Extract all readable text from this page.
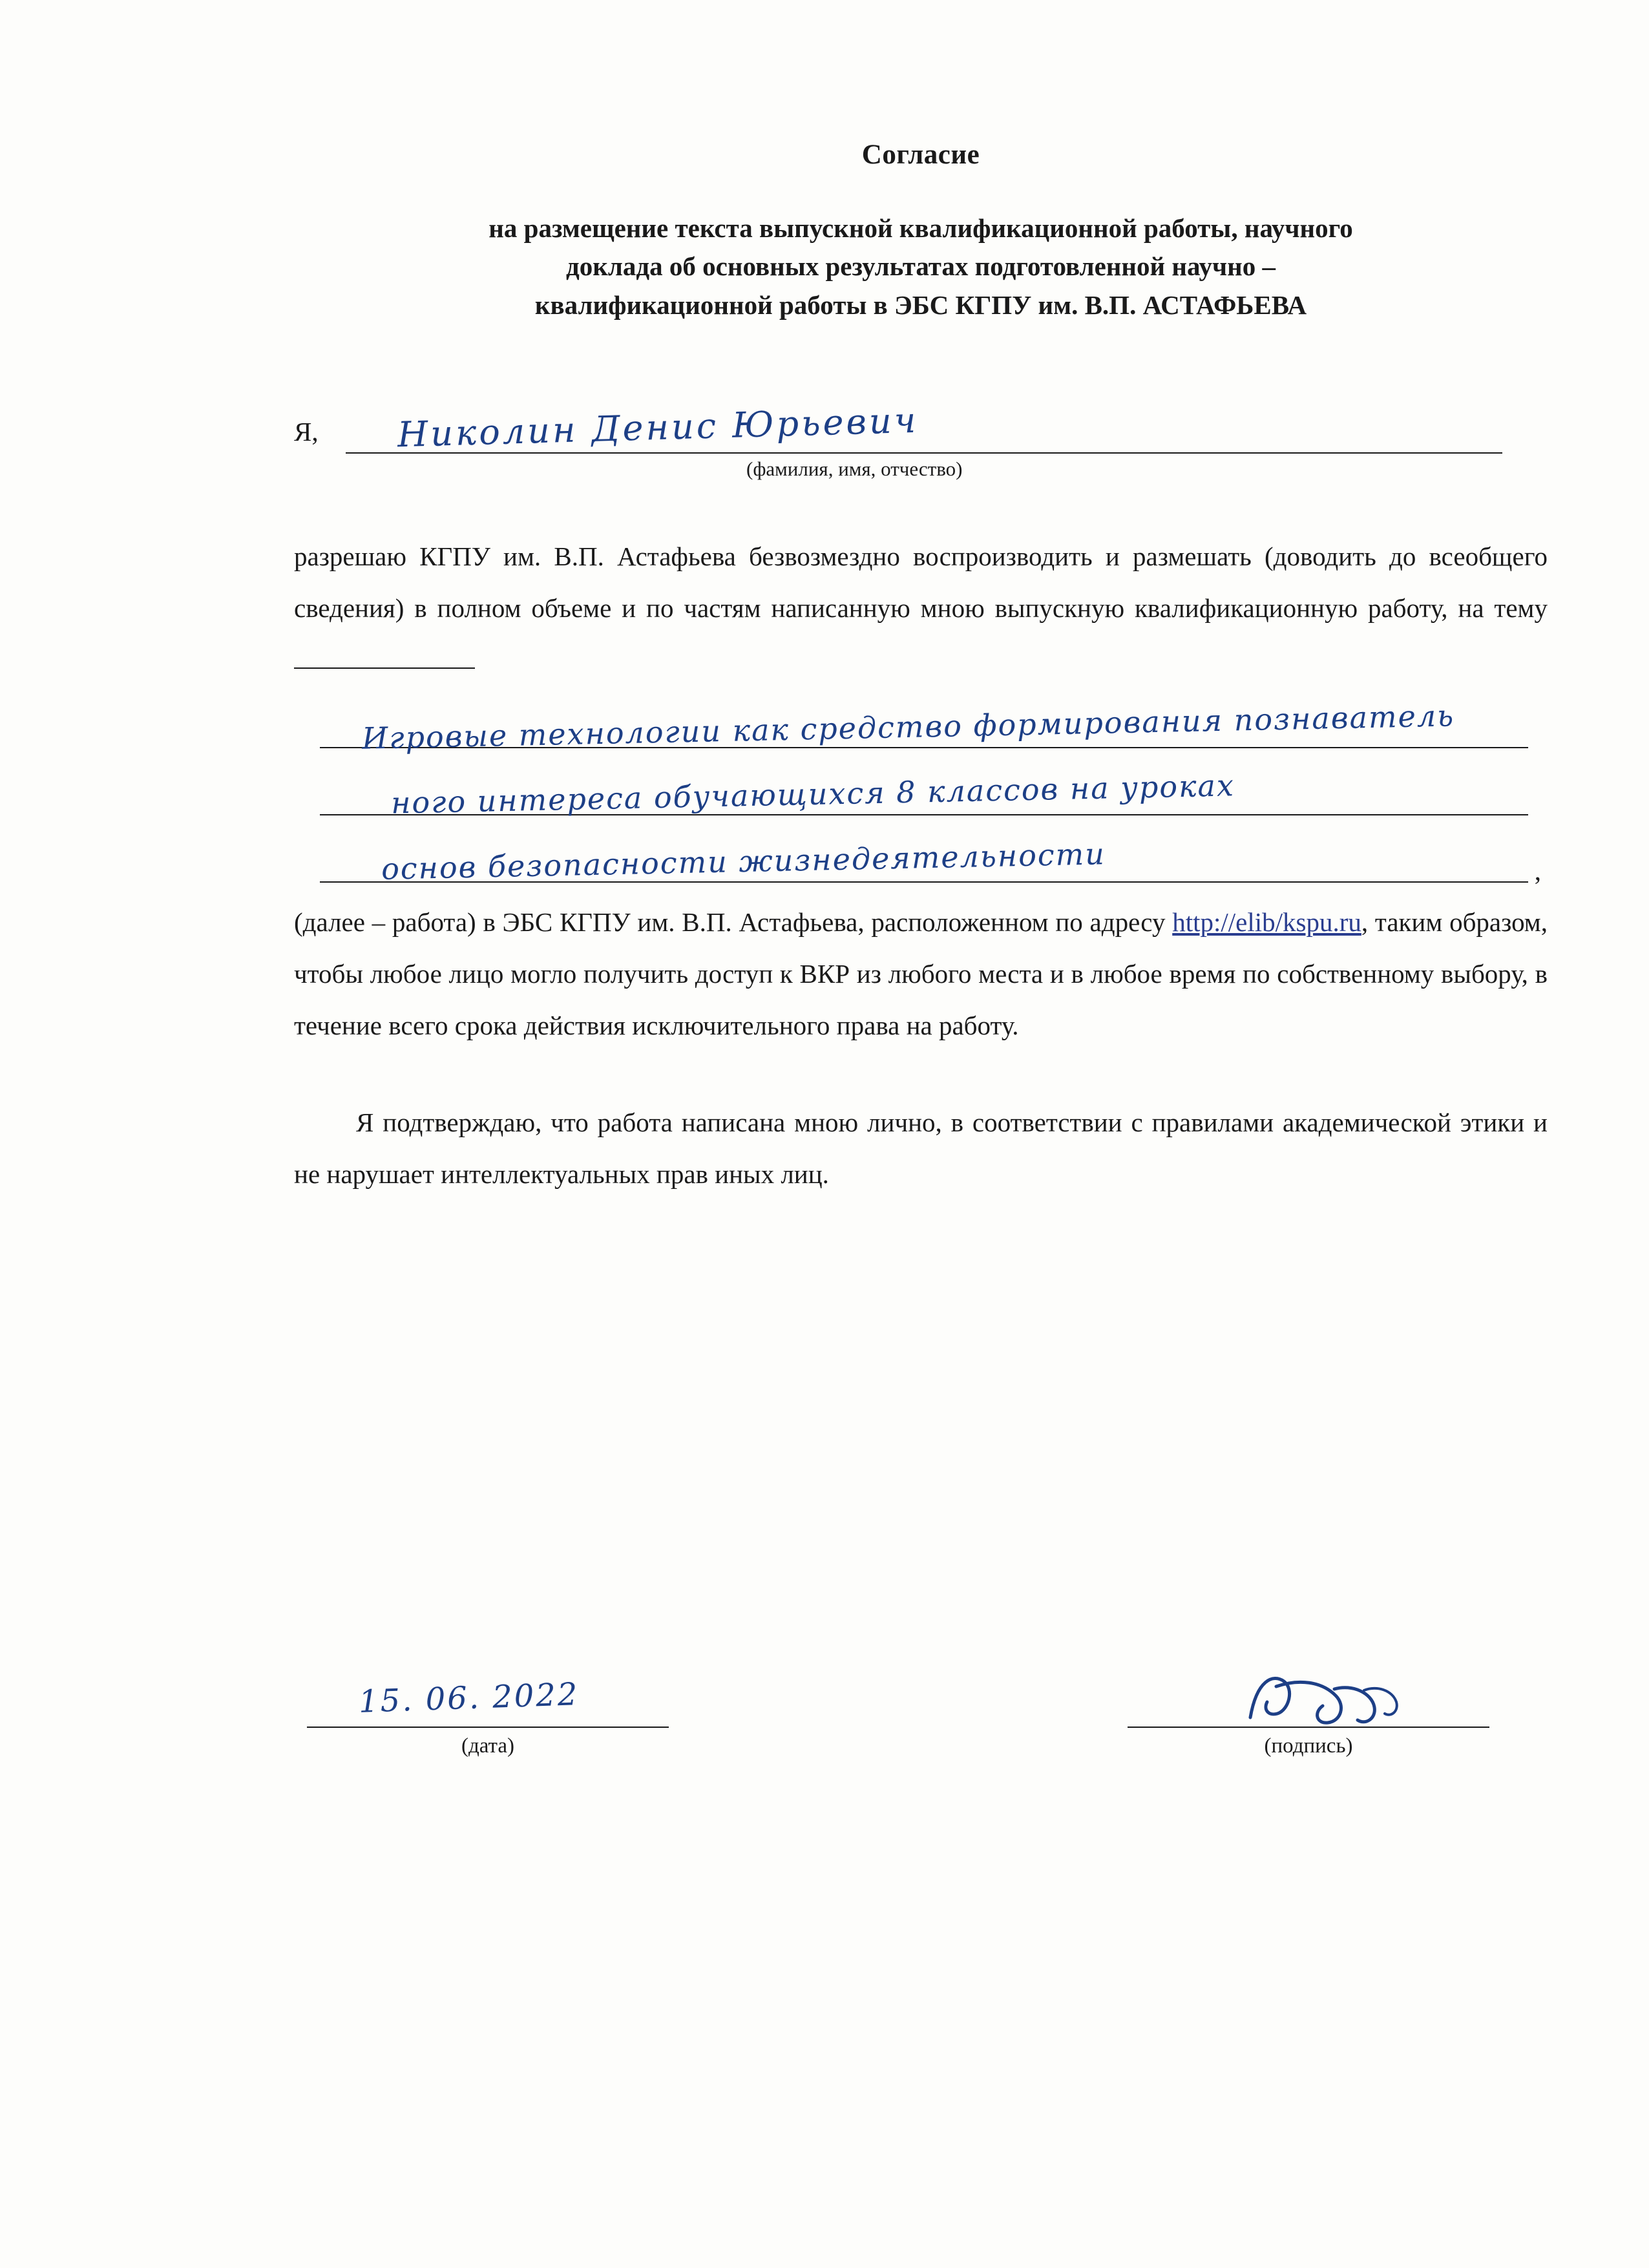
Согласие
на размещение текста выпускной квалификационной работы, научного
доклада об основных результатах подготовленной научно –
квалификационной работы в ЭБС КГПУ им. В.П. АСТАФЬЕВА
Я, Николин Денис Юрьевич
(фамилия, имя, отчество)

разрешаю КГПУ им. В.П. Астафьева безвозмездно воспроизводить и размешать (доводить до всеобщего сведения) в полном объеме и по частям написанную мною выпускную квалификационную работу, на тему

Игровые технологии как средство формирования познаватель
ного интереса обучающихся 8 классов на уроках
основ безопасности жизнедеятельности	,

(далее – работа) в ЭБС КГПУ им. В.П. Астафьева, расположенном по адресу http://elib/kspu.ru, таким образом, чтобы любое лицо могло получить доступ к ВКР из любого места и в любое время по собственному выбору, в течение всего срока действия исключительного права на работу.

Я подтверждаю, что работа написана мною лично, в соответствии с правилами академической этики и не нарушает интеллектуальных прав иных лиц.

15. 06. 2022
(дата)	(подпись)
